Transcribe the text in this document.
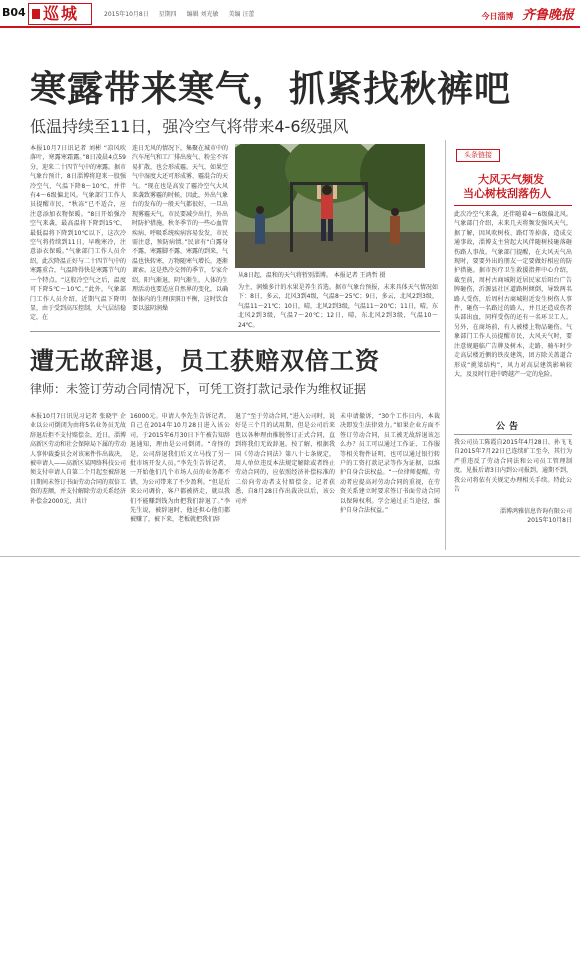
B04 巡城	2015年10月8日 星期四 编辑 刘光敏 美编 汪蕾	今日淄博 齐鲁晚报
寒露带来寒气，抓紧找秋裤吧
低温持续至11日，强冷空气将带来4-6级强风
本报10月7日讯记者 刘彬 “凉风吹落叶，寒露寒霜露。”8日凌晨4点59分，迎来二十四节气中的寒露。据市气象台预计，8日淄博将迎来一股强冷空气，气温下降8～10℃，并伴有4～6级偏北风。气象部门工作人员提醒市民，“秋冻”已不适合，应注意添加衣物保暖。“8日开始强冷空气来袭，最高温将下降到15℃，最低温将下降到10℃以下，这次冷空气将持续到11日，早晚寒冷，注意添衣保暖。”气象部门工作人员介绍，此次降温正好与二十四节气中的寒露重合，气温降得快是寒露节气的一个特点。“这股冷空气之后，温度可下降5℃～10℃。”此外，气象部门工作人员介绍，近期气温下降明显，由于受到高压控制，大气层结稳定，在
连日无风的情况下，集聚在城市中的汽车尾气和工厂排出废气、粉尘不容易扩散，也会形成霾。天气，如果空气中湿度大还可形成雾、霾混合的天气。“现在也是高发了霾冷空气大风来袭致雾霾的时候，因此，外出气象台的发布的一般天气都很好，一旦出现雾霾天气，市民要减少出行，外出时防护措施，秋冬季节的一些心血管疾病、呼吸系统疾病容易发发，市民需注意，预防病情。”民谚有“白露身不露，寒露脚不露，寒露的到来，气温也快转寒，万物随寒气增长，逐渐萧索。这是热冷交替的季节，专家介绍，阳气渐退，阴气渐生，人体的生理活动也要适应自然界的变化，以确保体内的生理(阴阳)平衡，这时饮食要以滋阴润燥
从8日起，温和的天气将暂别淄博。 本报记者 王鸿哲 摄
为主，润燥多汁的水果是养生首选。据市气象台预报，未来具体天气情况如下：8日，多云，北风3到4级，气温8～25℃；9日，多云，北风2到3级，气温11～21℃；10日，晴，北风2到3级，气温11～20℃；11日，晴，东北风2到3级，气温7～20℃；12日，晴，东北风2到3级，气温10～24℃。
头条链接
大风天气频发
当心树枝刮落伤人
此次冷空气来袭，还伴随着4～6级偏北风。气象部门介绍，未来几天将频发强风天气，据了解，因风吹树枝、路灯等掉落，造成交通事故，淄博支主营起大风伴随树枝砸落砸伤路人事故。气象部门提醒，在大风天气出现时，要要外出的朋友一定要做好相应的防护措施。据市医疗卫生救援指挥中心介绍，截至前，周村古商城附近居民家后阳台广告牌砸伤，沂源县社区道路树倾倒，导致两名路人受伤，后周村古商城附近发生树伤人事件，砸伤一名路过的路人，并且还造成伤者头部出血，同样受伤的还有一名环卫工人。另外，在商场前，有人被楼上物品砸伤。气象部门工作人员提醒市民，大风天气时，要注意规避临广告牌及树木，走路、骑车时少走高层楼近侧的铁皮建筑，团方除关盖道合形成“挑梁结构”，风力对高层建筑影响较大，及及时行进中跨越产一定的危险。
遭无故辞退，员工获赔双倍工资
律师：未签订劳动合同情况下，可凭工资打款记录作为维权证据
本报10月7日讯见习记者 张晓宇 企业以公司倒闭为由将5名业务员无故辞退后拒不支付赔偿金，近日，淄博高新区劳动和社会保障局下属的劳动人事仲裁委员会对该案件作出裁决，被申请人——高新区某网络科技公司须支付申请人自第二个月起至被辞退日期间未签订书面劳动合同的双倍工资的差额，并支付解除劳动关系经济补偿金2000元，共计
16000元。申请人李先生告诉记者，自己在2014年10月28日进入该公司，于2015年6月30日下午被告知辞退通知，理由是公司倒闭。“奇怪的是，公司辞退我们后又立马找了另一批市场开发人员。”李先生告诉记者，一开始他们几个市场人员的业务都不错，为公司带来了不少盈利。“但是后来公司调价，客户都被挤走，就以我们不能赚到钱为由把我们辞退了。”李先生说，被辞退时，他还担心他们都被赚了，被下来，老板就把我们辞
退了“至于劳动合同，”进入公司时，说好是三个月的试用期，但是公司后来也以各种理由推脱签订正式合同，直到将我们无故辞退。按了解，根据我国《劳动合同法》第八十七条规定，用人单位违反本法规定解除或者终止劳动合同的，应依照经济补偿标准的二倍向劳动者支付赔偿金。记者获悉，自8月28日作出裁决以后，该公司并
未申请撤诉，“30个工作日内，本裁决即发生法律效力。”如果企业方面不签订劳动合同，员工被无故辞退该怎么办？员工可以通过工作证、工作服等相关物件证明，也可以通过银行转户的工资打款记录等作为证据，以维护自身合法权益。“一位律师提醒，劳动者应提高对劳动合同的重视，在劳资关系建立时要求签订书面劳动合同以保障权利。学会通过正当途径，维护自身合法权益。”
公告
我公司员工陈霞自2015年4月28日、孙飞飞自2015年7月22日已连续旷工至今，其行为严重违反了劳动合同法和公司员工管理制度。见报后请3日内到公司报到，逾期不到，我公司将依有关规定办理相关手续。特此公告
淄博鸿雅信息咨询有限公司
2015年10月8日
